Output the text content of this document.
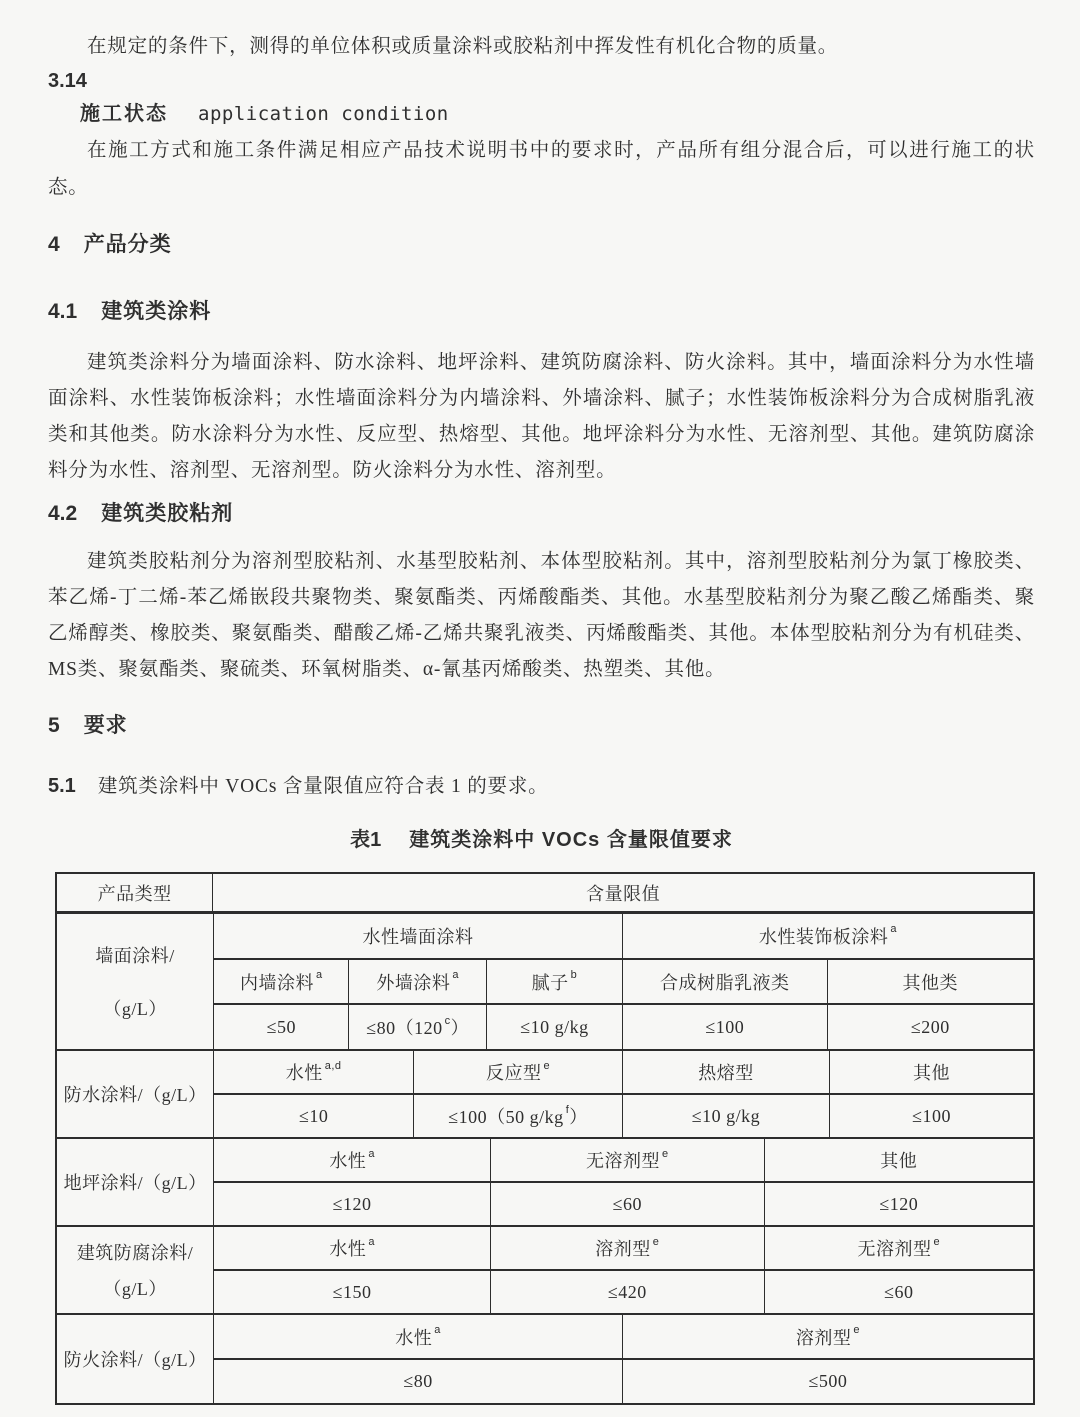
在规定的条件下，测得的单位体积或质量涂料或胶粘剂中挥发性有机化合物的质量。

3.14
施工状态 application condition

在施工方式和施工条件满足相应产品技术说明书中的要求时，产品所有组分混合后，可以进行施工的状态。

4 产品分类
4.1 建筑类涂料

建筑类涂料分为墙面涂料、防水涂料、地坪涂料、建筑防腐涂料、防火涂料。其中，墙面涂料分为水性墙面涂料、水性装饰板涂料；水性墙面涂料分为内墙涂料、外墙涂料、腻子；水性装饰板涂料分为合成树脂乳液类和其他类。防水涂料分为水性、反应型、热熔型、其他。地坪涂料分为水性、无溶剂型、其他。建筑防腐涂料分为水性、溶剂型、无溶剂型。防火涂料分为水性、溶剂型。

4.2 建筑类胶粘剂

建筑类胶粘剂分为溶剂型胶粘剂、水基型胶粘剂、本体型胶粘剂。其中，溶剂型胶粘剂分为氯丁橡胶类、苯乙烯-丁二烯-苯乙烯嵌段共聚物类、聚氨酯类、丙烯酸酯类、其他。水基型胶粘剂分为聚乙酸乙烯酯类、聚乙烯醇类、橡胶类、聚氨酯类、醋酸乙烯-乙烯共聚乳液类、丙烯酸酯类、其他。本体型胶粘剂分为有机硅类、MS类、聚氨酯类、聚硫类、环氧树脂类、α-氰基丙烯酸类、热塑类、其他。

5 要求
5.1 建筑类涂料中 VOCs 含量限值应符合表 1 的要求。
表1 建筑类涂料中 VOCs 含量限值要求
产品类型	含量限值
墙面涂料/
（g/L）
水性墙面涂料	水性装饰板涂料$^a$
内墙涂料$^a$	外墙涂料$^a$	腻子$^b$	合成树脂乳液类	其他类
≤50	$\le 80(120^c$ ）	≤10 g/kg	≤100	≤200
防水涂料/（g/L）
水性$^{a,d}$	反应型$^e$	热熔型	其他
≤10	≤100（50 $g/kg^f$ ）	≤10 g/kg	≤100
地坪涂料/（g/L）
水性$^a$	无溶剂型$^e$	其他
≤120	≤60	≤120
建筑防腐涂料/
（g/L）
水性$^a$	溶剂型$^e$	无溶剂型$^e$
≤150	≤420	≤60
防火涂料/（g/L）
水性$^a$	溶剂型$^e$
≤80	≤500
